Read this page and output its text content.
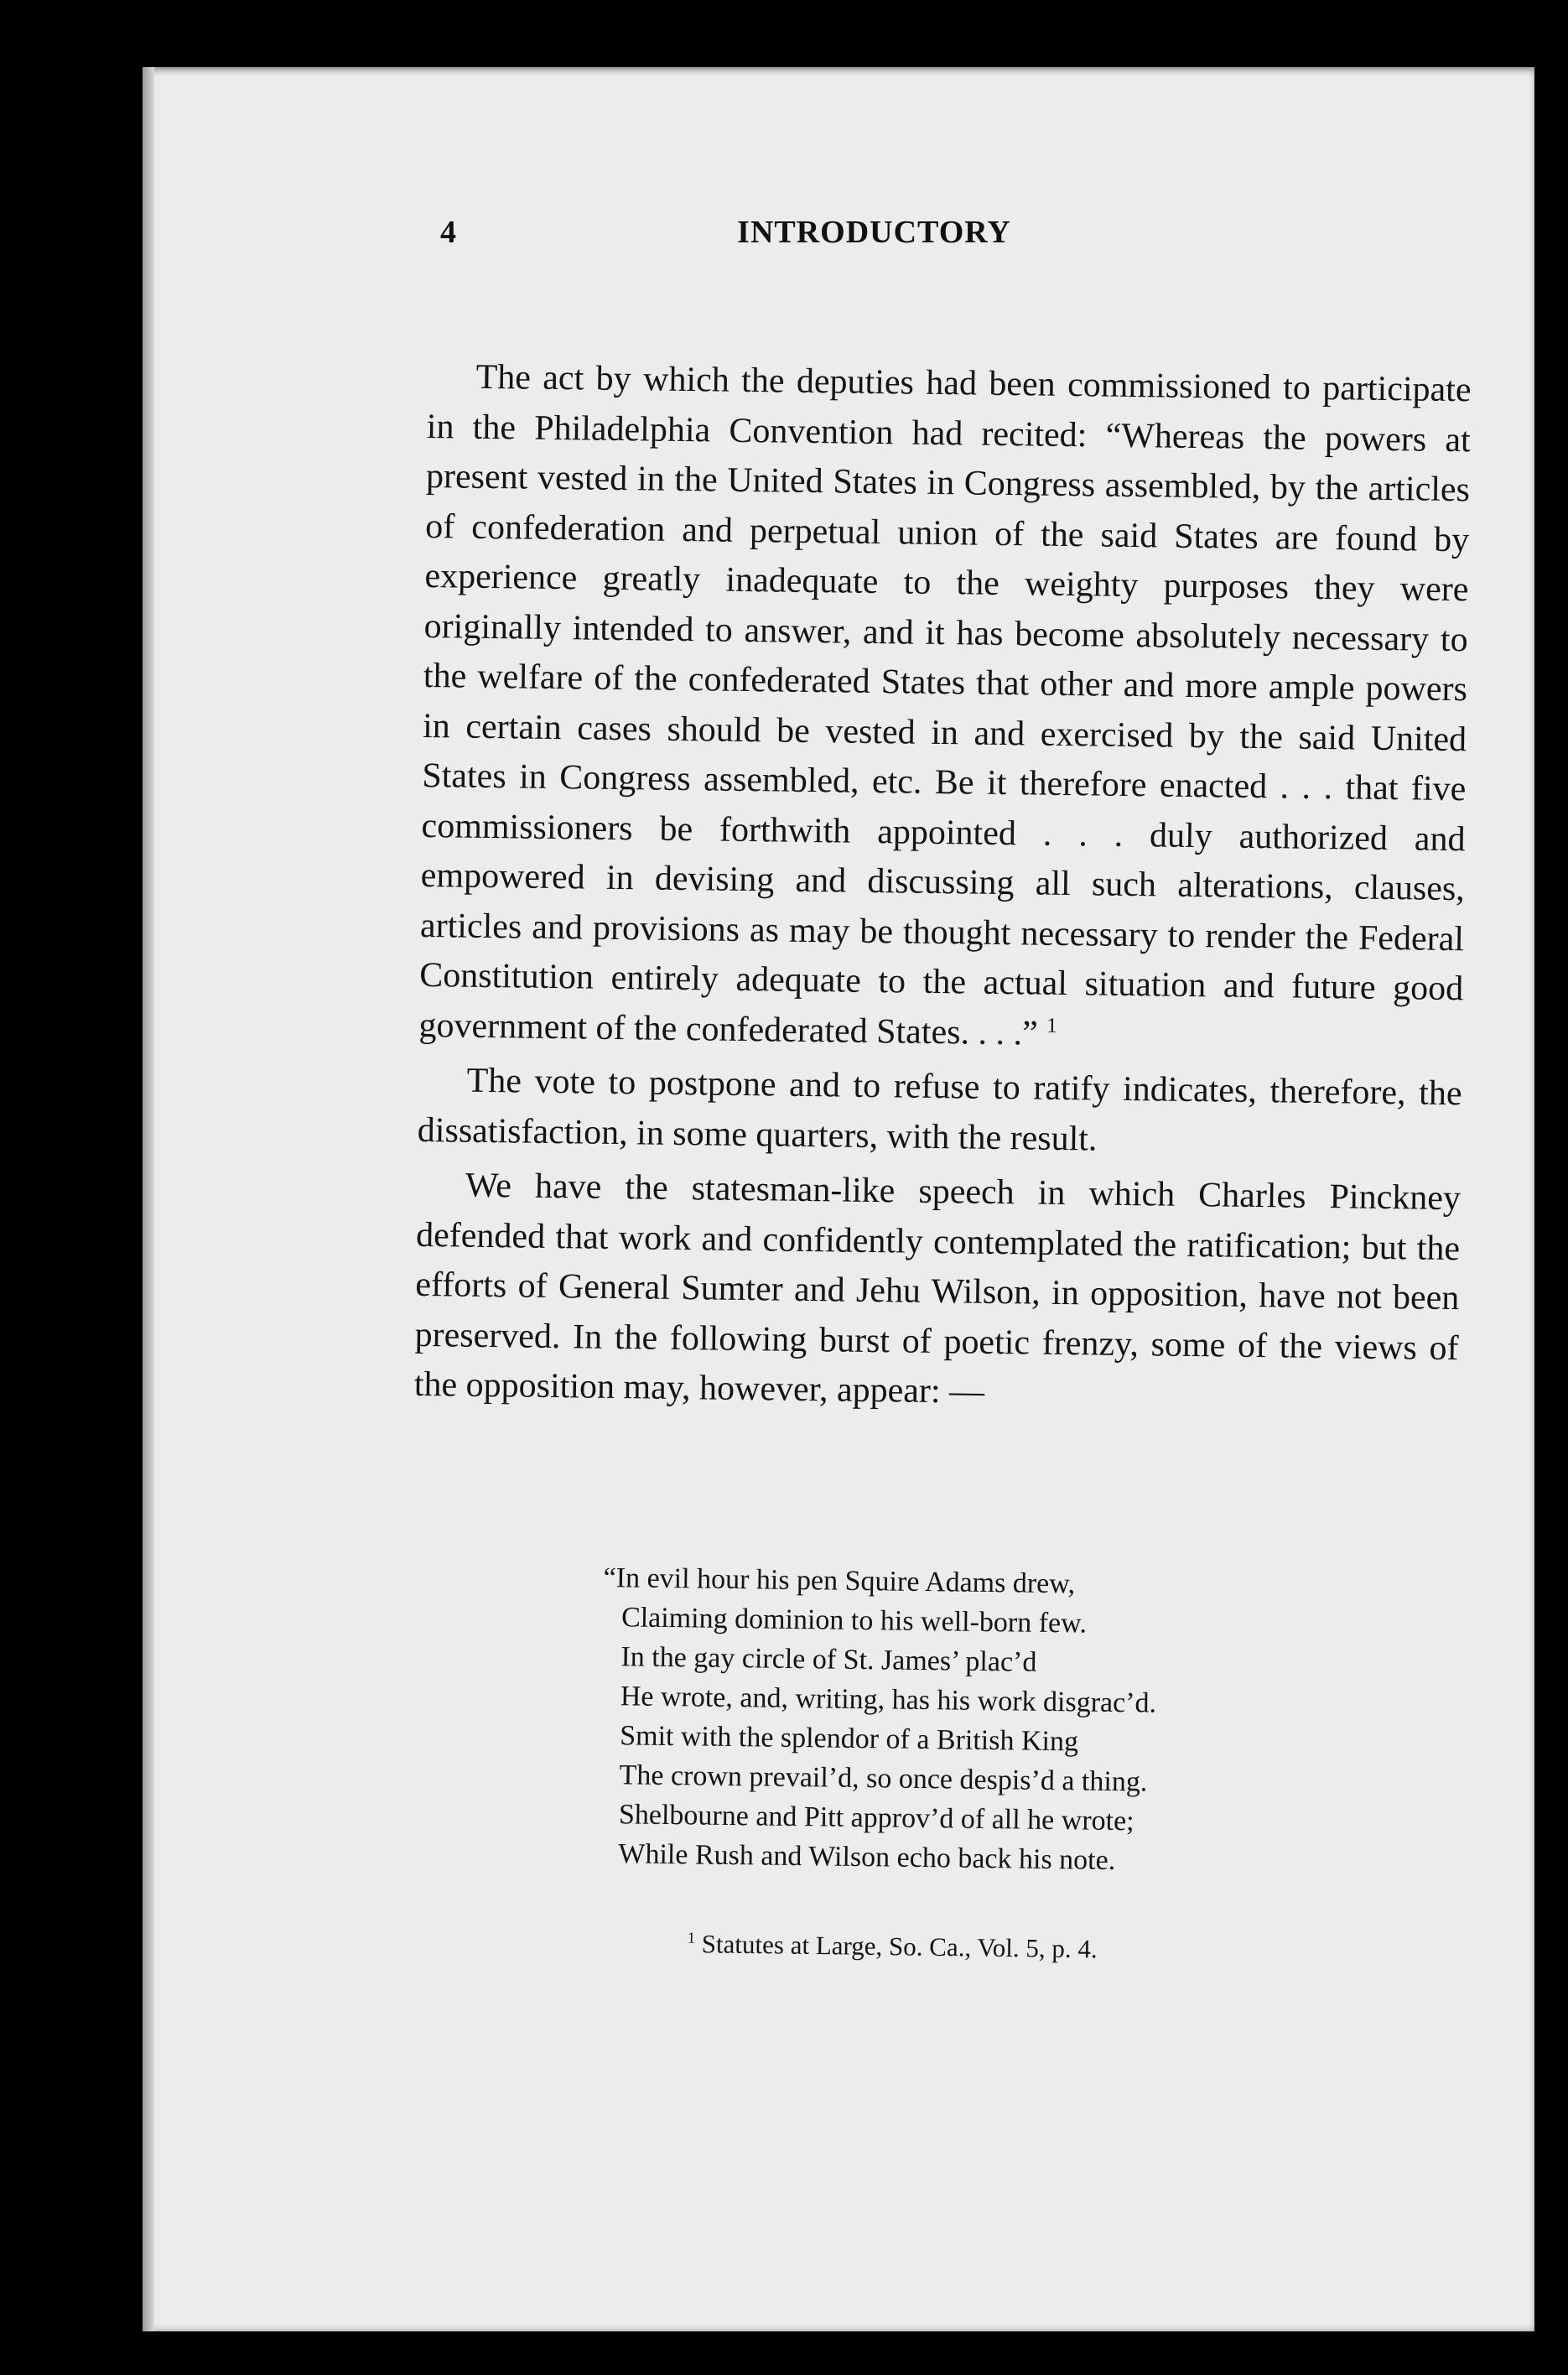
4	INTRODUCTORY

The act by which the deputies had been commissioned to participate in the Philadelphia Convention had recited: “Whereas the powers at present vested in the United States in Congress assembled, by the articles of confederation and perpetual union of the said States are found by experience greatly inadequate to the weighty purposes they were originally intended to answer, and it has become absolutely necessary to the welfare of the confederated States that other and more ample powers in certain cases should be vested in and exercised by the said United States in Congress assembled, etc. Be it therefore enacted . . . that five commissioners be forthwith appointed . . . duly authorized and empowered in devising and discussing all such alterations, clauses, articles and provisions as may be thought necessary to render the Federal Constitution entirely adequate to the actual situation and future good government of the confederated States. . . .” $^1$

The vote to postpone and to refuse to ratify indicates, therefore, the dissatisfaction, in some quarters, with the result.

We have the statesman-like speech in which Charles Pinckney defended that work and confidently contemplated the ratification; but the efforts of General Sumter and Jehu Wilson, in opposition, have not been preserved. In the following burst of poetic frenzy, some of the views of the opposition may, however, appear: —

“In evil hour his pen Squire Adams drew,
Claiming dominion to his well-born few.
In the gay circle of St. James’ plac’d
He wrote, and, writing, has his work disgrac’d.
Smit with the splendor of a British King
The crown prevail’d, so once despis’d a thing.
Shelbourne and Pitt approv’d of all he wrote;
While Rush and Wilson echo back his note.
$^1$ Statutes at Large, So. Ca., Vol. 5, p. 4.
